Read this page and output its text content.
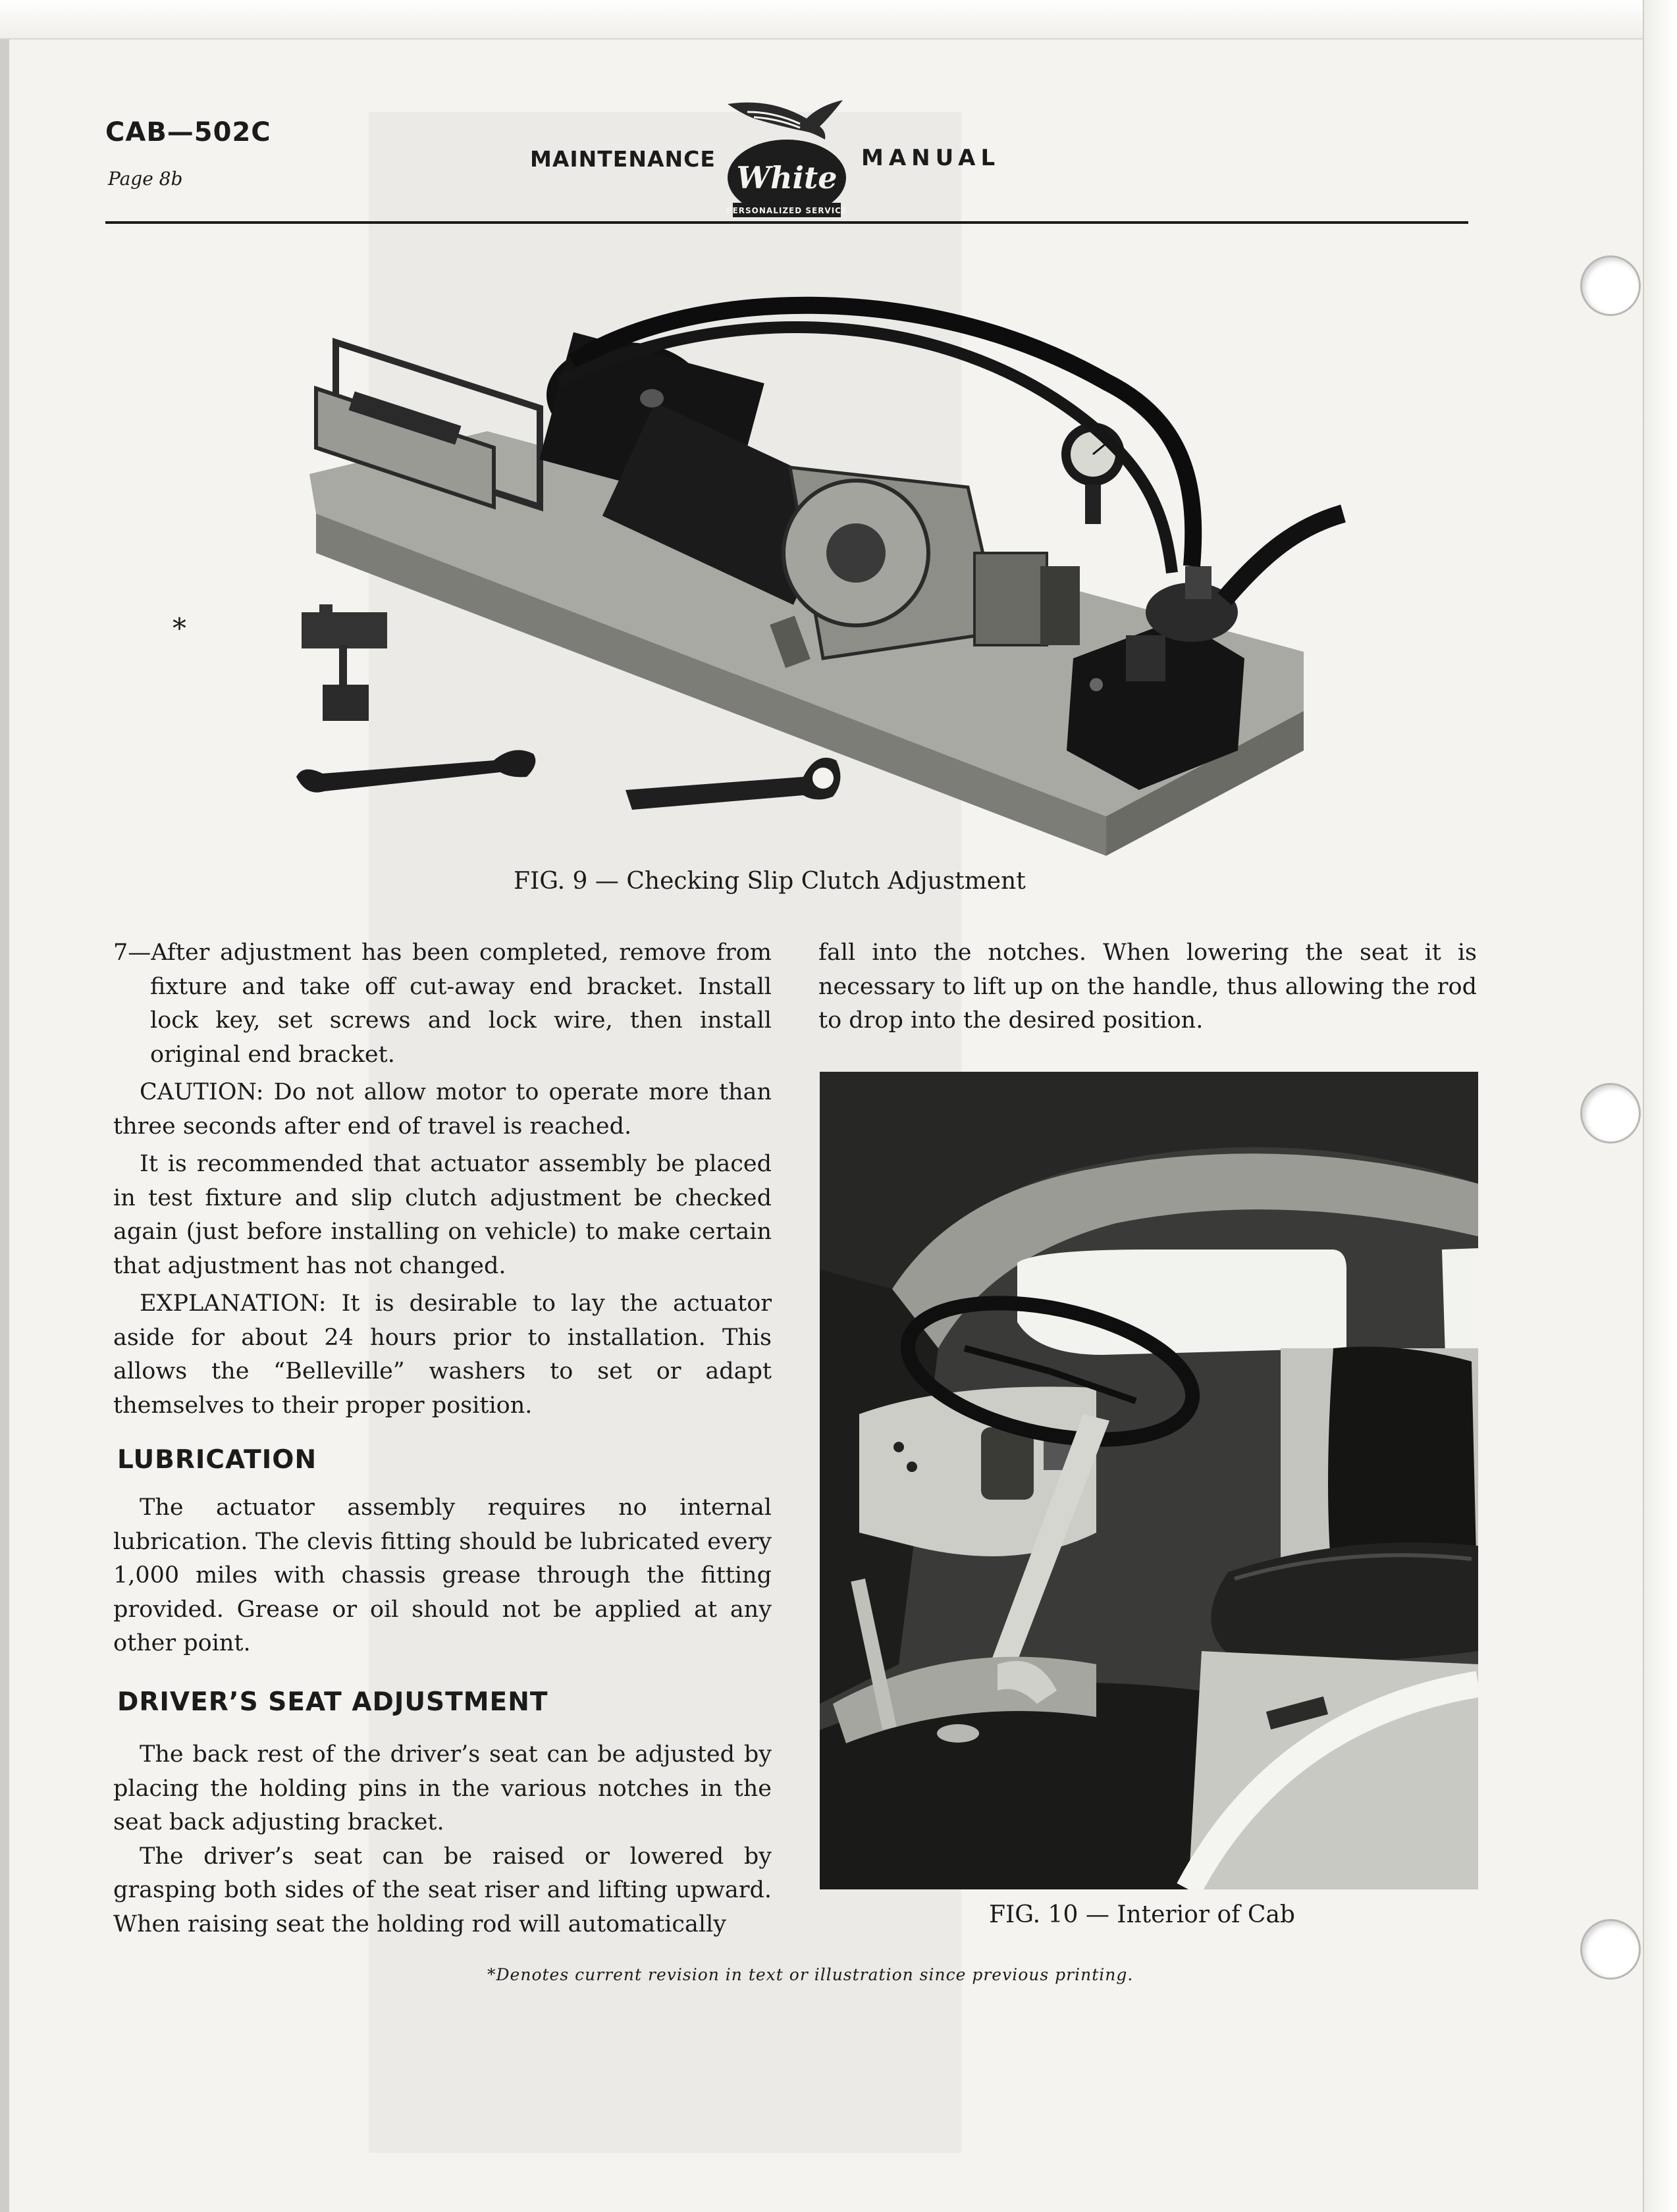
CAB—502C
Page 8b
MAINTENANCE	MANUAL
White
PERSONALIZED SERVICE
*
FIG. 9 — Checking Slip Clutch Adjustment

7—After adjustment has been completed, remove from fixture and take off cut-away end bracket. Install lock key, set screws and lock wire, then install original end bracket.

CAUTION: Do not allow motor to operate more than three seconds after end of travel is reached.

It is recommended that actuator assembly be placed in test fixture and slip clutch adjustment be checked again (just before installing on vehicle) to make certain that adjustment has not changed.

EXPLANATION: It is desirable to lay the actuator aside for about 24 hours prior to installation. This allows the “Belleville” washers to set or adapt themselves to their proper position.

LUBRICATION

The actuator assembly requires no internal lubrication. The clevis fitting should be lubricated every 1,000 miles with chassis grease through the fitting provided. Grease or oil should not be applied at any other point.

DRIVER’S SEAT ADJUSTMENT

The back rest of the driver’s seat can be adjusted by placing the holding pins in the various notches in the seat back adjusting bracket.

The driver’s seat can be raised or lowered by grasping both sides of the seat riser and lifting upward. When raising seat the holding rod will automatically

fall into the notches. When lowering the seat it is necessary to lift up on the handle, thus allowing the rod to drop into the desired position.

FIG. 10 — Interior of Cab
*Denotes current revision in text or illustration since previous printing.
